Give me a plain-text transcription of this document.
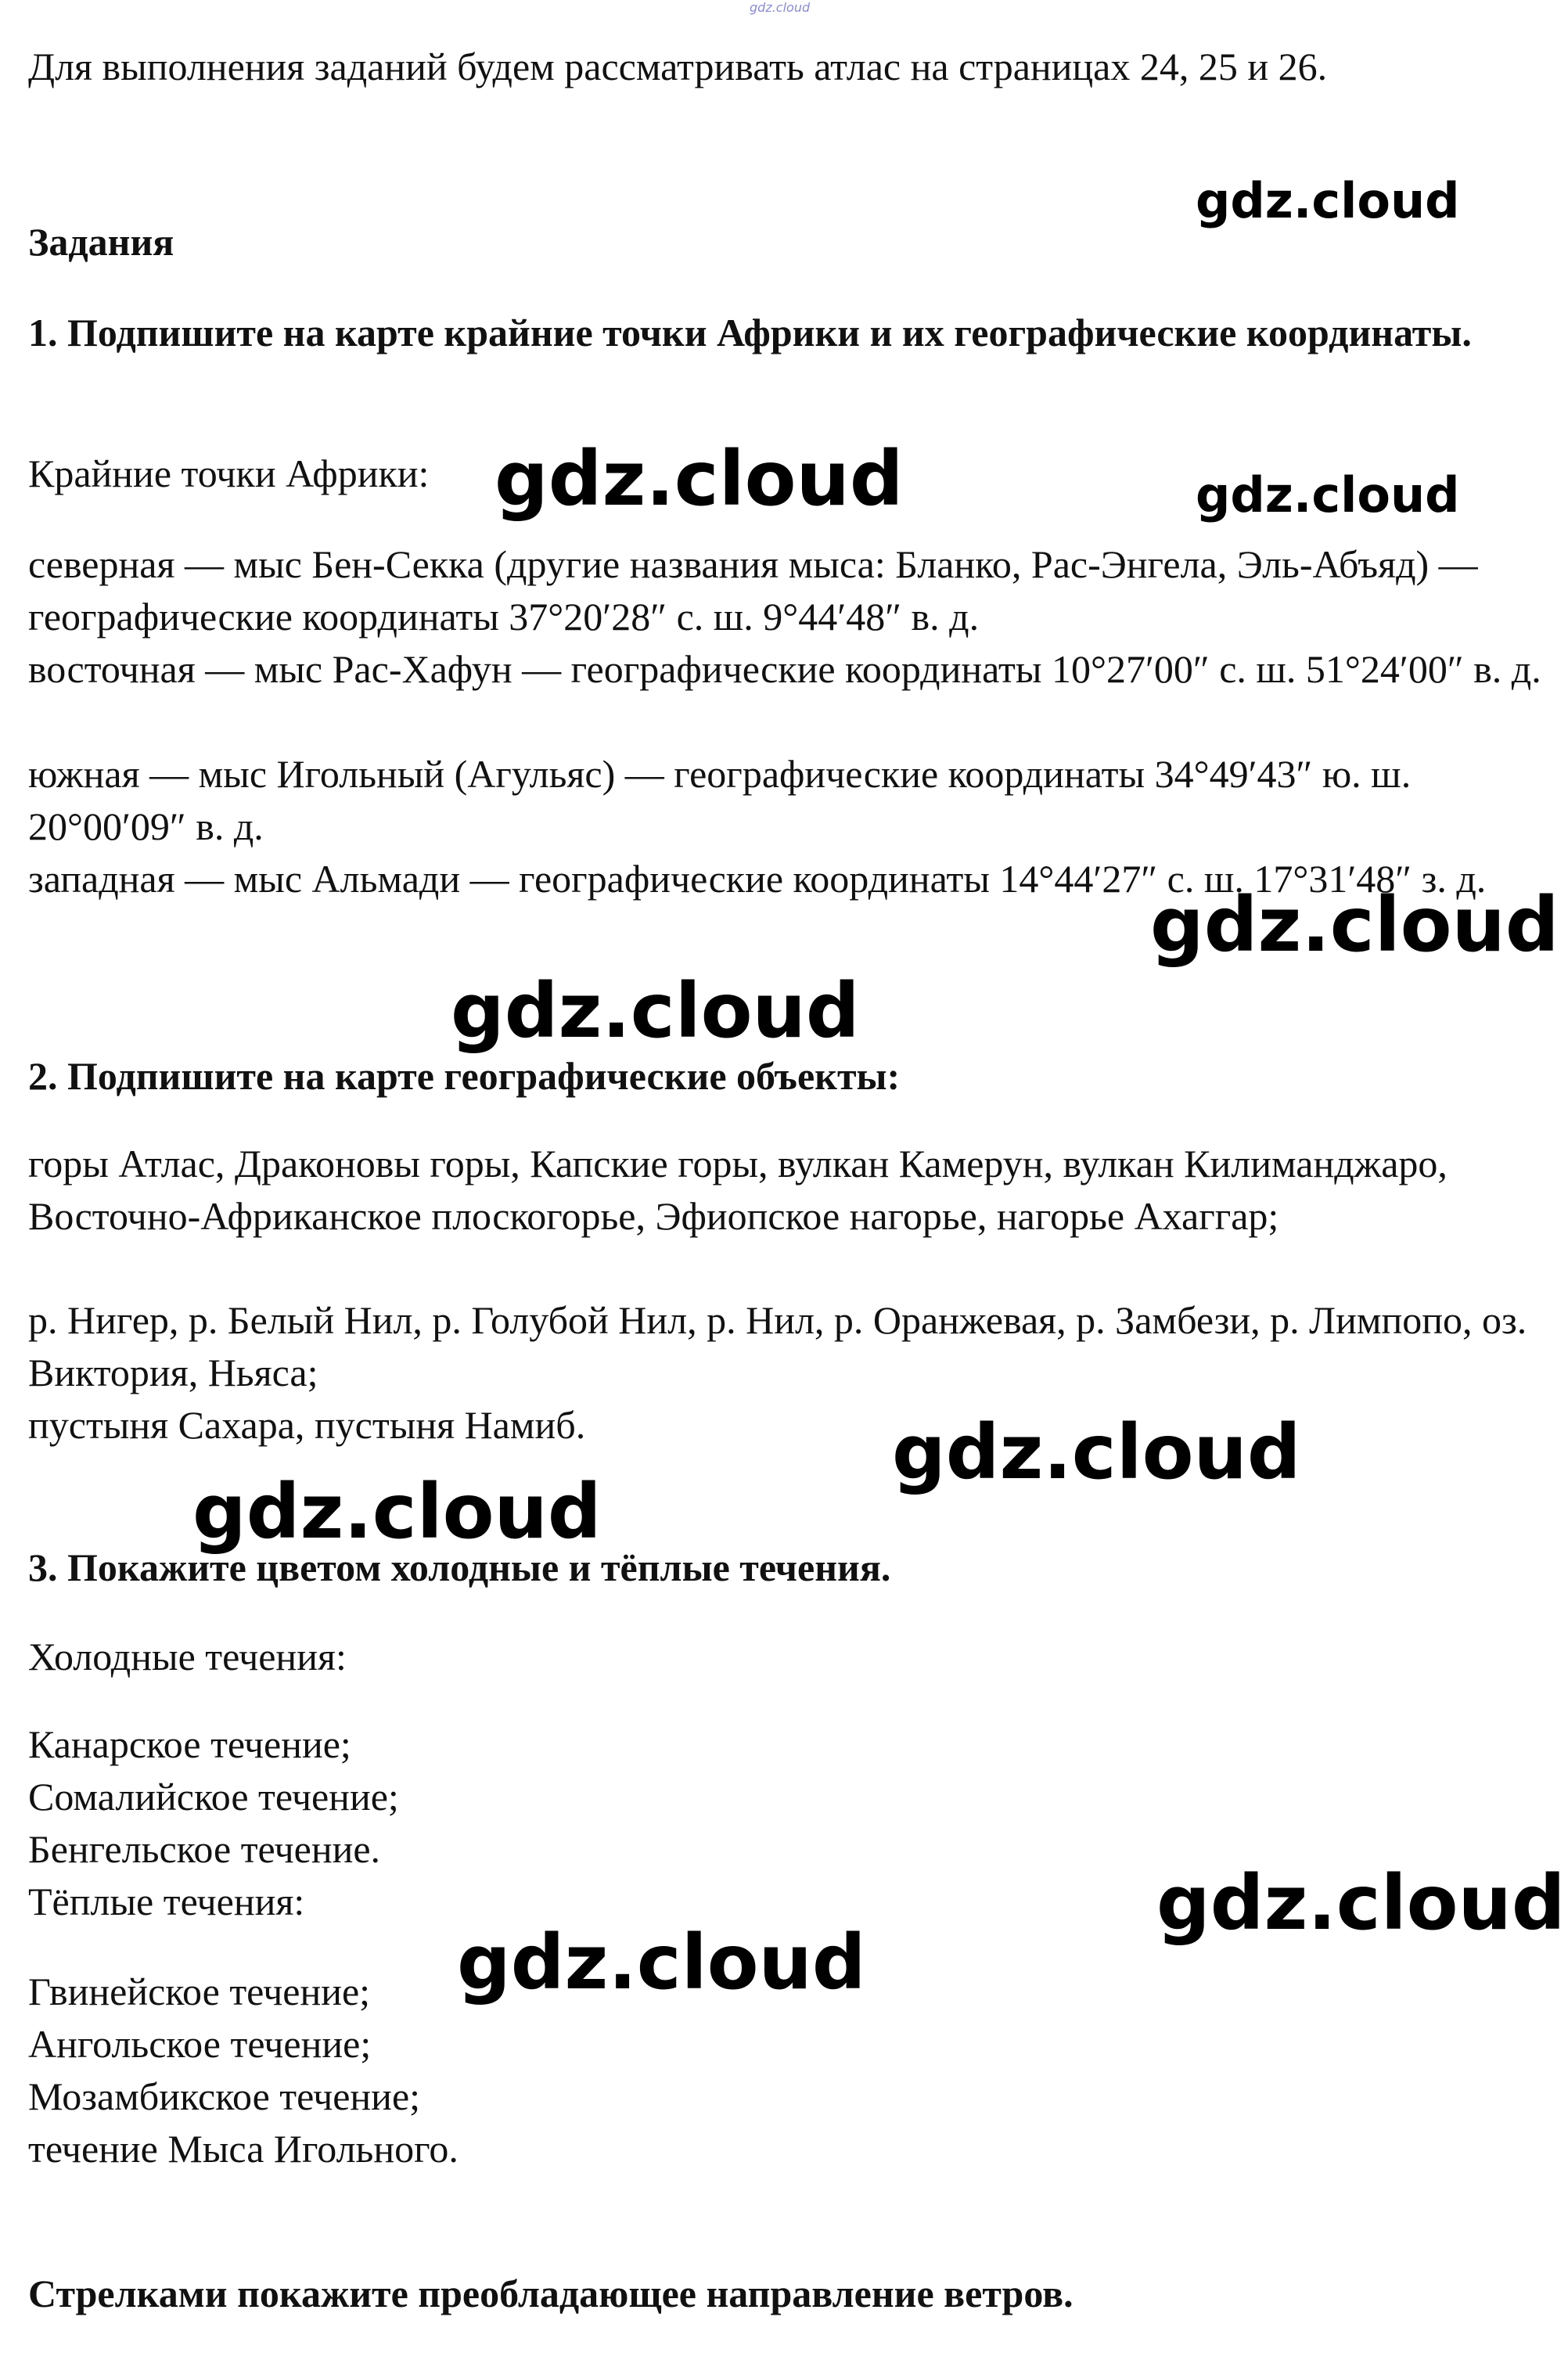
gdz.cloud

Для выполнения заданий будем рассматривать атлас на страницах 24, 25 и 26.

Задания

1. Подпишите на карте крайние точки Африки и их географические координаты.

Крайние точки Африки:

северная — мыс Бен-Секка (другие названия мыса: Бланко, Рас-Энгела, Эль-Абъяд) — географические координаты 37°20′28″ с. ш. 9°44′48″ в. д.

восточная — мыс Рас-Хафун — географические координаты 10°27′00″ с. ш. 51°24′00″ в. д.

южная — мыс Игольный (Агульяс) — географические координаты 34°49′43″ ю. ш. 20°00′09″ в. д.

западная — мыс Альмади — географические координаты 14°44′27″ с. ш. 17°31′48″ з. д.

2. Подпишите на карте географические объекты:

горы Атлас, Драконовы горы, Капские горы, вулкан Камерун, вулкан Килиманджаро, Восточно-Африканское плоскогорье, Эфиопское нагорье, нагорье Ахаггар;

р. Нигер, р. Белый Нил, р. Голубой Нил, р. Нил, р. Оранжевая, р. Замбези, р. Лимпопо, оз. Виктория, Ньяса;

пустыня Сахара, пустыня Намиб.

3. Покажите цветом холодные и тёплые течения.

Холодные течения:

Канарское течение;

Сомалийское течение;

Бенгельское течение.

Тёплые течения:

Гвинейское течение;

Ангольское течение;

Мозамбикское течение;

течение Мыса Игольного.

Стрелками покажите преобладающее направление ветров.

gdz.cloud
gdz.cloud	gdz.cloud
gdz.cloud
gdz.cloud
gdz.cloud
gdz.cloud
gdz.cloud
gdz.cloud
